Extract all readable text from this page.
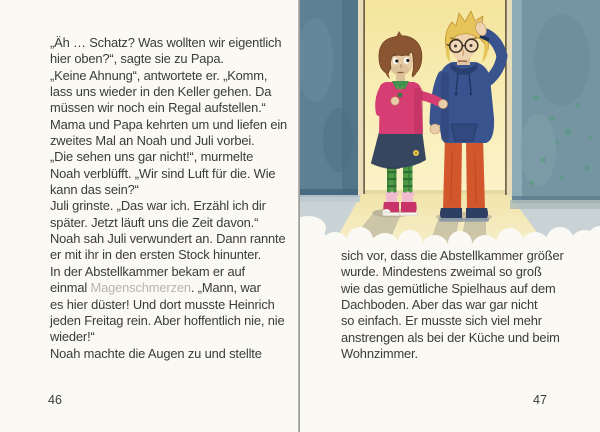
„Äh … Schatz? Was wollten wir eigentlich
hier oben?“, sagte sie zu Papa.
„Keine Ahnung“, antwortete er. „Komm,
lass uns wieder in den Keller gehen. Da
müssen wir noch ein Regal aufstellen.“
Mama und Papa kehrten um und liefen ein
zweites Mal an Noah und Juli vorbei.
„Die sehen uns gar nicht!“, murmelte
Noah verblüfft. „Wir sind Luft für die. Wie
kann das sein?“
Juli grinste. „Das war ich. Erzähl ich dir
später. Jetzt läuft uns die Zeit davon.“
Noah sah Juli verwundert an. Dann rannte
er mit ihr in den ersten Stock hinunter.
In der Abstellkammer bekam er auf
einmal Magenschmerzen. „Mann, war
es hier düster! Und dort musste Heinrich
jeden Freitag rein. Aber hoffentlich nie, nie
wieder!“
Noah machte die Augen zu und stellte
sich vor, dass die Abstellkammer größer
wurde. Mindestens zweimal so groß
wie das gemütliche Spielhaus auf dem
Dachboden. Aber das war gar nicht
so einfach. Er musste sich viel mehr
anstrengen als bei der Küche und beim
Wohnzimmer.
46	47
